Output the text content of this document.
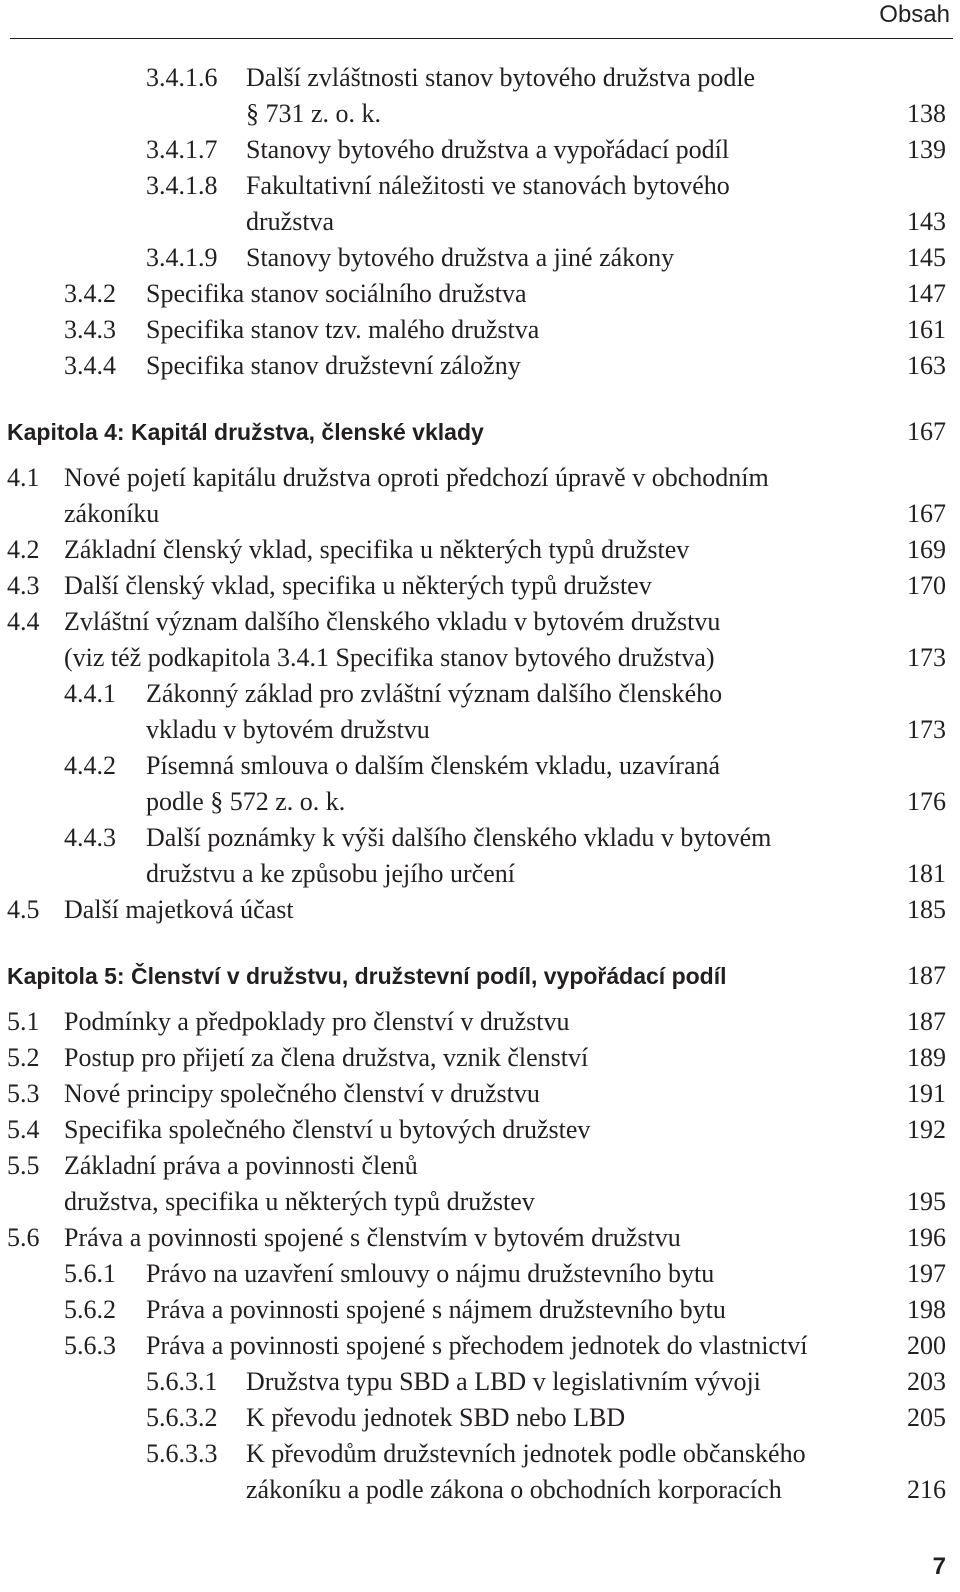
Obsah
3.4.1.6 Další zvláštnosti stanov bytového družstva podle
§ 731 z. o. k.	138
3.4.1.7 Stanovy bytového družstva a vypořádací podíl	139
3.4.1.8 Fakultativní náležitosti ve stanovách bytového
družstva	143
3.4.1.9 Stanovy bytového družstva a jiné zákony	145
3.4.2 Specifika stanov sociálního družstva	147
3.4.3 Specifika stanov tzv. malého družstva	161
3.4.4 Specifika stanov družstevní záložny	163
Kapitola 4: Kapitál družstva, členské vklady	167
4.1 Nové pojetí kapitálu družstva oproti předchozí úpravě v obchodním
zákoníku	167
4.2 Základní členský vklad, specifika u některých typů družstev	169
4.3 Další členský vklad, specifika u některých typů družstev	170
4.4 Zvláštní význam dalšího členského vkladu v bytovém družstvu
(viz též podkapitola 3.4.1 Specifika stanov bytového družstva)	173
4.4.1 Zákonný základ pro zvláštní význam dalšího členského
vkladu v bytovém družstvu	173
4.4.2 Písemná smlouva o dalším členském vkladu, uzavíraná
podle § 572 z. o. k.	176
4.4.3 Další poznámky k výši dalšího členského vkladu v bytovém
družstvu a ke způsobu jejího určení	181
4.5 Další majetková účast	185
Kapitola 5: Členství v družstvu, družstevní podíl, vypořádací podíl	187
5.1 Podmínky a předpoklady pro členství v družstvu	187
5.2 Postup pro přijetí za člena družstva, vznik členství	189
5.3 Nové principy společného členství v družstvu	191
5.4 Specifika společného členství u bytových družstev	192
5.5 Základní práva a povinnosti členů
družstva, specifika u některých typů družstev	195
5.6 Práva a povinnosti spojené s členstvím v bytovém družstvu	196
5.6.1 Právo na uzavření smlouvy o nájmu družstevního bytu	197
5.6.2 Práva a povinnosti spojené s nájmem družstevního bytu	198
5.6.3 Práva a povinnosti spojené s přechodem jednotek do vlastnictví	200
5.6.3.1 Družstva typu SBD a LBD v legislativním vývoji	203
5.6.3.2 K převodu jednotek SBD nebo LBD	205
5.6.3.3 K převodům družstevních jednotek podle občanského
zákoníku a podle zákona o obchodních korporacích	216
7
